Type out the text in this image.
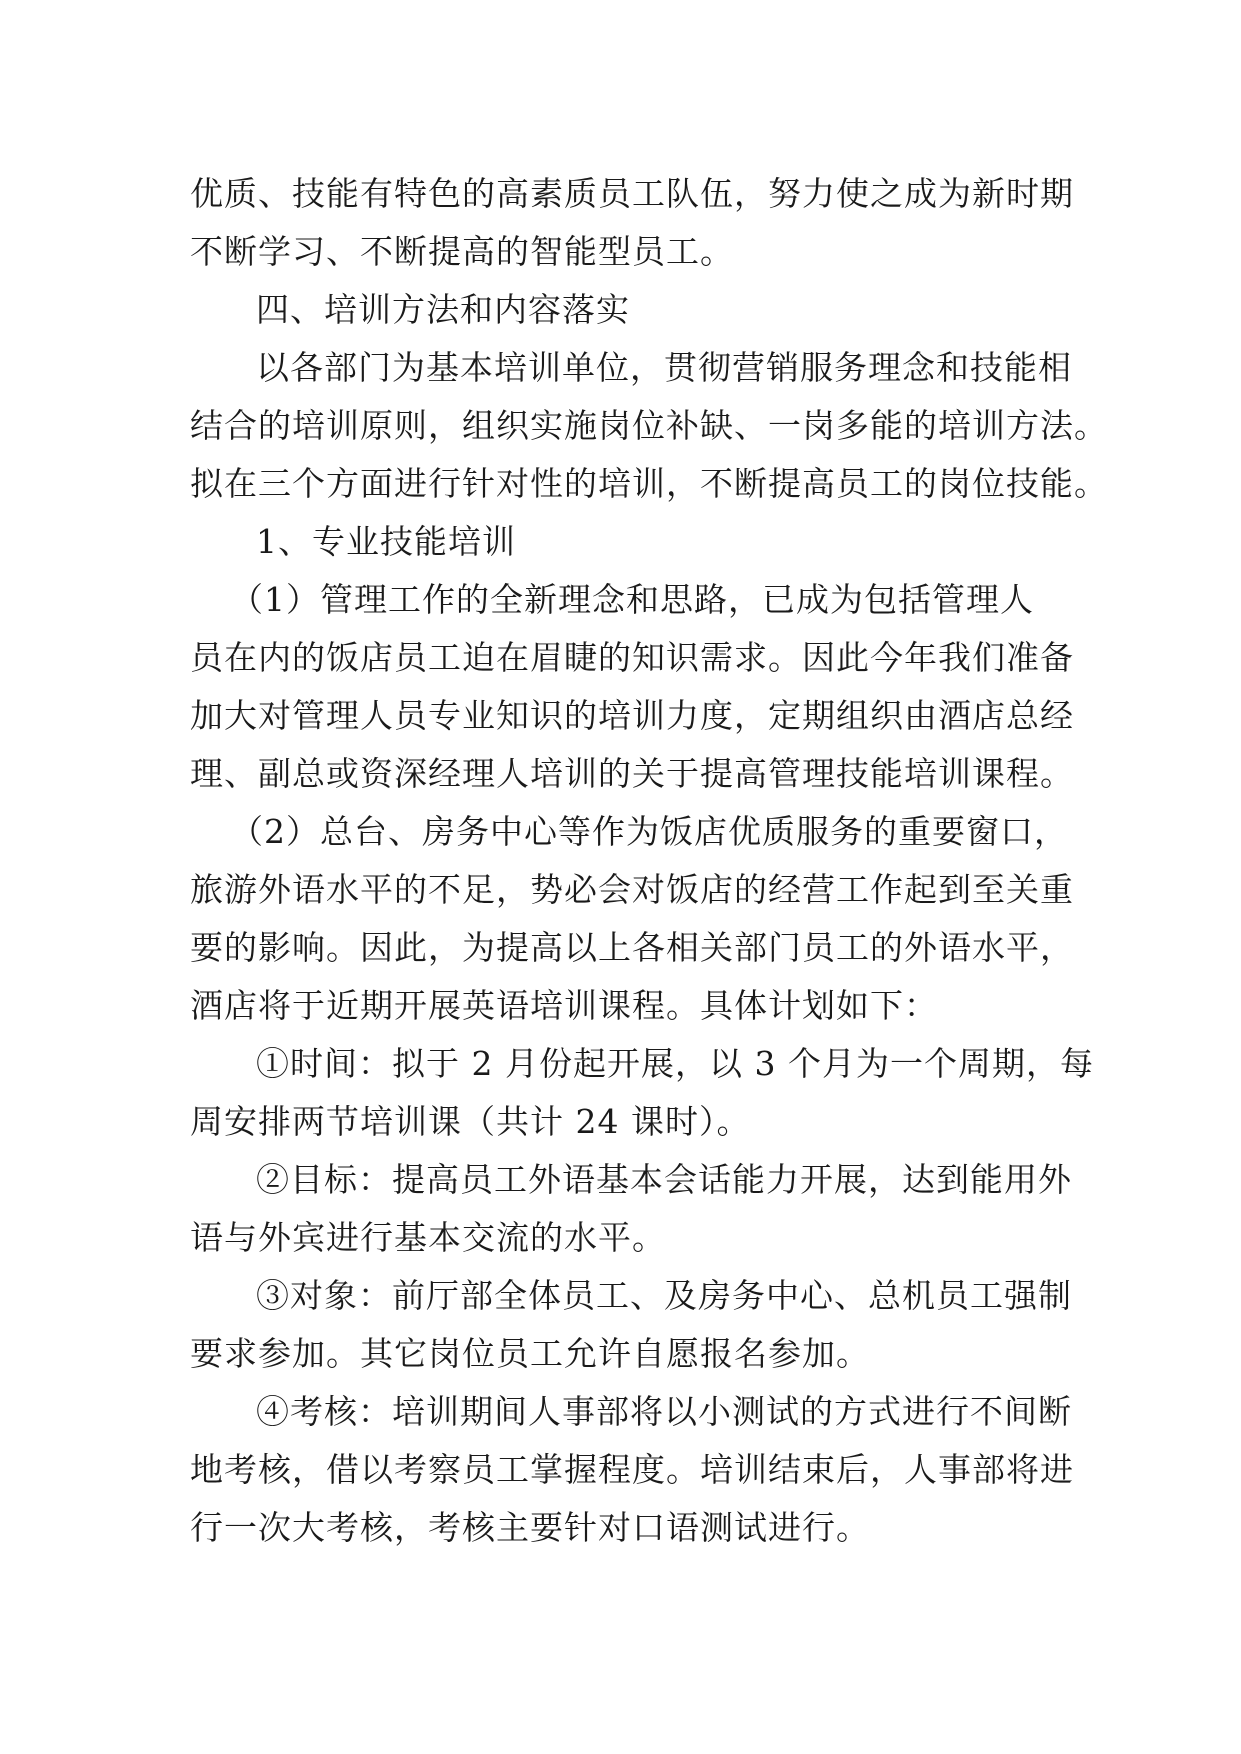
优质、技能有特色的高素质员工队伍，努力使之成为新时期
不断学习、不断提高的智能型员工。
四、培训方法和内容落实
以各部门为基本培训单位，贯彻营销服务理念和技能相
结合的培训原则，组织实施岗位补缺、一岗多能的培训方法。
拟在三个方面进行针对性的培训，不断提高员工的岗位技能。
1、专业技能培训
（1）管理工作的全新理念和思路，已成为包括管理人
员在内的饭店员工迫在眉睫的知识需求。因此今年我们准备
加大对管理人员专业知识的培训力度，定期组织由酒店总经
理、副总或资深经理人培训的关于提高管理技能培训课程。
（2）总台、房务中心等作为饭店优质服务的重要窗口，
旅游外语水平的不足，势必会对饭店的经营工作起到至关重
要的影响。因此，为提高以上各相关部门员工的外语水平，
酒店将于近期开展英语培训课程。具体计划如下：
①时间：拟于 2 月份起开展，以 3 个月为一个周期，每
周安排两节培训课（共计 24 课时）。
②目标：提高员工外语基本会话能力开展，达到能用外
语与外宾进行基本交流的水平。
③对象：前厅部全体员工、及房务中心、总机员工强制
要求参加。其它岗位员工允许自愿报名参加。
④考核：培训期间人事部将以小测试的方式进行不间断
地考核，借以考察员工掌握程度。培训结束后，人事部将进
行一次大考核，考核主要针对口语测试进行。
